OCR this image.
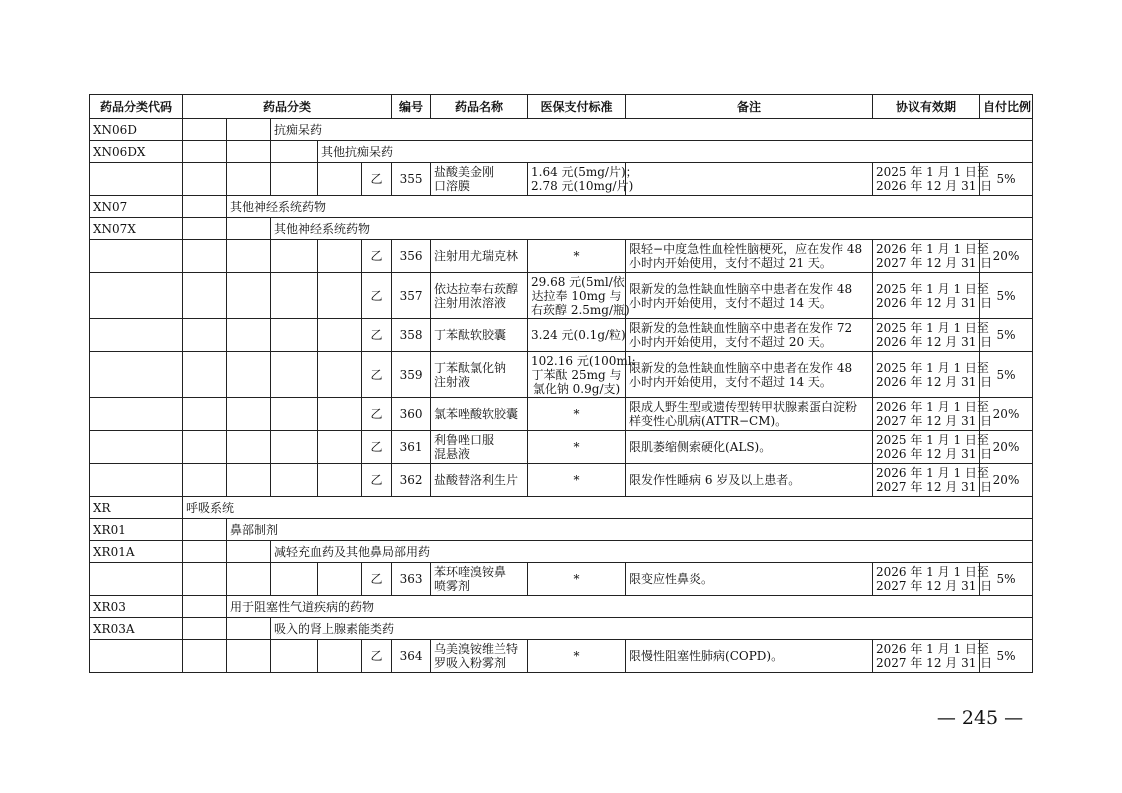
药品分类代码	药品分类					编号	药品名称	医保支付标准	备注	协议有效期	自付比例
XN06D			抗痴呆药								
XN06DX				其他抗痴呆药							
					乙	355	盐酸美金刚
口溶膜	1.64 元(5mg/片)；
2.78 元(10mg/片)		2025 年 1 月 1 日至
2026 年 12 月 31 日	5%
XN07		其他神经系统药物									
XN07X			其他神经系统药物								
					乙	356	注射用尤瑞克林	*	限轻−中度急性血栓性脑梗死，应在发作 48
小时内开始使用，支付不超过 21 天。	2026 年 1 月 1 日至
2027 年 12 月 31 日	20%
					乙	357	依达拉奉右莰醇
注射用浓溶液	29.68 元(5ml/依
达拉奉 10mg 与
右莰醇 2.5mg/瓶)	限新发的急性缺血性脑卒中患者在发作 48
小时内开始使用，支付不超过 14 天。	2025 年 1 月 1 日至
2026 年 12 月 31 日	5%
					乙	358	丁苯酞软胶囊	3.24 元(0.1g/粒)	限新发的急性缺血性脑卒中患者在发作 72
小时内开始使用，支付不超过 20 天。	2025 年 1 月 1 日至
2026 年 12 月 31 日	5%
					乙	359	丁苯酞氯化钠
注射液	102.16 元(100ml:
丁苯酞 25mg 与
氯化钠 0.9g/支)	限新发的急性缺血性脑卒中患者在发作 48
小时内开始使用，支付不超过 14 天。	2025 年 1 月 1 日至
2026 年 12 月 31 日	5%
					乙	360	氯苯唑酸软胶囊	*	限成人野生型或遗传型转甲状腺素蛋白淀粉
样变性心肌病(ATTR−CM)。	2026 年 1 月 1 日至
2027 年 12 月 31 日	20%
					乙	361	利鲁唑口服
混悬液	*	限肌萎缩侧索硬化(ALS)。	2025 年 1 月 1 日至
2026 年 12 月 31 日	20%
					乙	362	盐酸替洛利生片	*	限发作性睡病 6 岁及以上患者。	2026 年 1 月 1 日至
2027 年 12 月 31 日	20%
XR	呼吸系统										
XR01		鼻部制剂									
XR01A			减轻充血药及其他鼻局部用药								
					乙	363	苯环喹溴铵鼻
喷雾剂	*	限变应性鼻炎。	2026 年 1 月 1 日至
2027 年 12 月 31 日	5%
XR03		用于阻塞性气道疾病的药物									
XR03A			吸入的肾上腺素能类药								
					乙	364	乌美溴铵维兰特
罗吸入粉雾剂	*	限慢性阻塞性肺病(COPD)。	2026 年 1 月 1 日至
2027 年 12 月 31 日	5%
— 245 —
